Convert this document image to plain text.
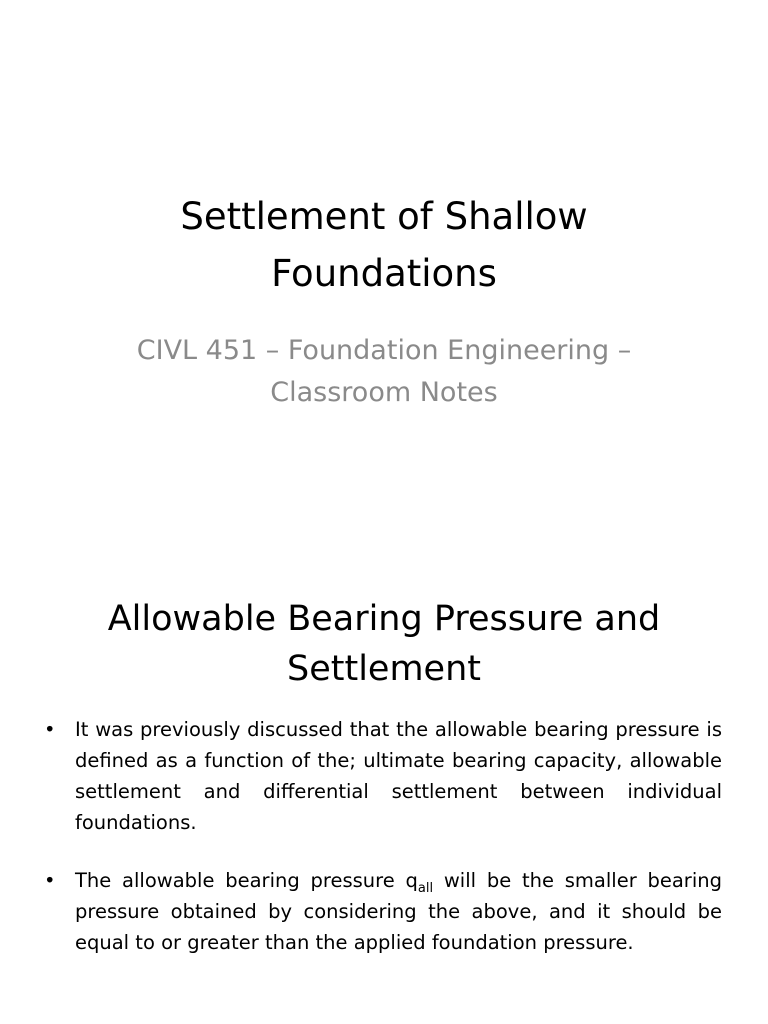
Settlement of Shallow
Foundations

CIVL 451 – Foundation Engineering –
Classroom Notes

Allowable Bearing Pressure and
Settlement
• It was previously discussed that the allowable bearing pressure is defined as a function of the; ultimate bearing capacity, allowable settlement and differential settlement between individual foundations.
• The allowable bearing pressure $q_{all}$ will be the smaller bearing pressure obtained by considering the above, and it should be equal to or greater than the applied foundation pressure.
